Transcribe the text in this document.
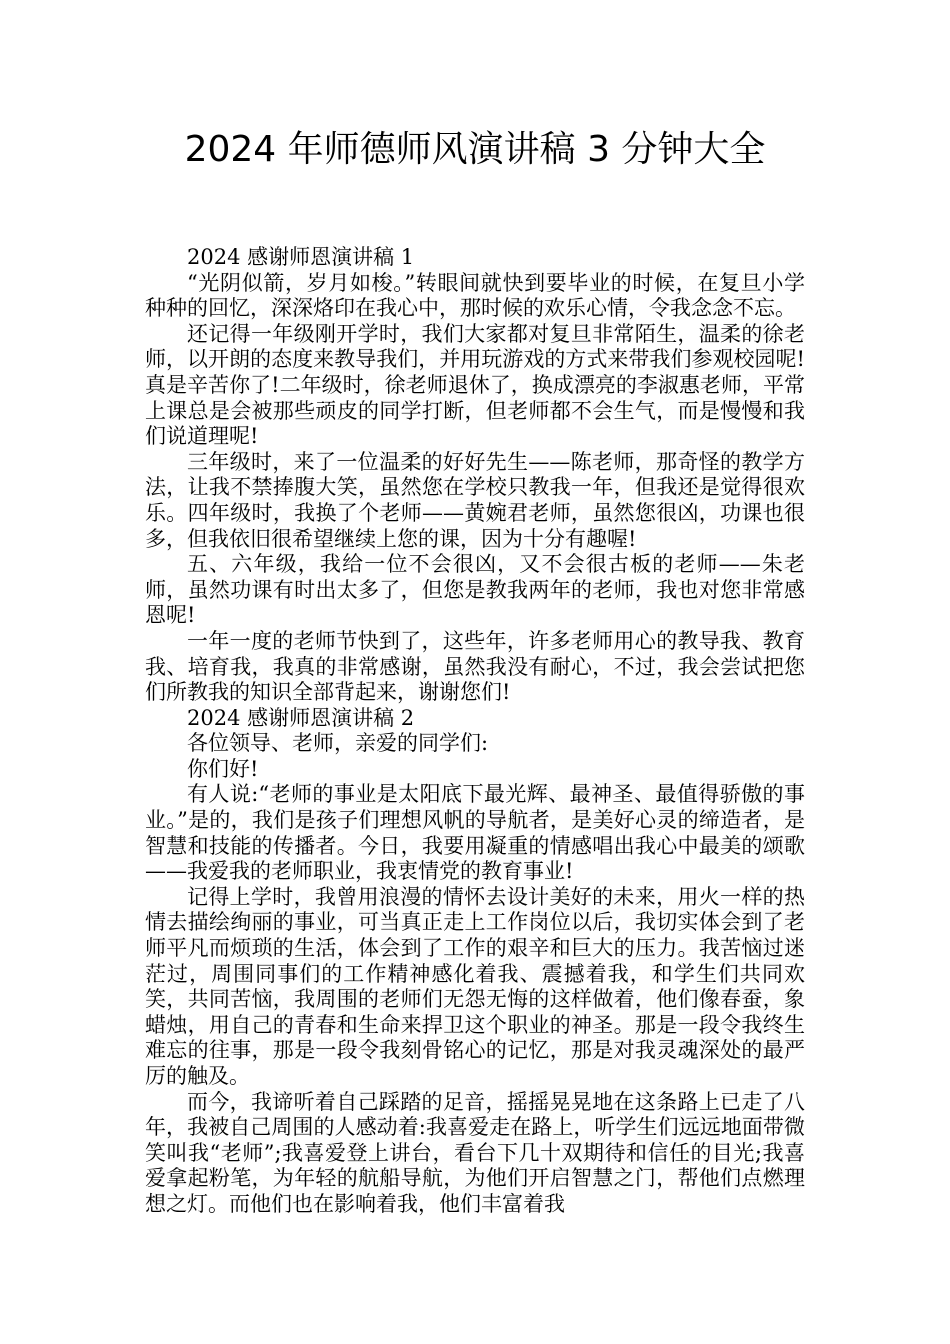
2024 年师德师风演讲稿 3 分钟大全

2024 感谢师恩演讲稿 1

“光阴似箭，岁月如梭。”转眼间就快到要毕业的时候，在复旦小学种种的回忆，深深烙印在我心中，那时候的欢乐心情，令我念念不忘。

还记得一年级刚开学时，我们大家都对复旦非常陌生，温柔的徐老师，以开朗的态度来教导我们，并用玩游戏的方式来带我们参观校园呢!真是辛苦你了!二年级时，徐老师退休了，换成漂亮的李淑惠老师，平常上课总是会被那些顽皮的同学打断，但老师都不会生气，而是慢慢和我们说道理呢!

三年级时，来了一位温柔的好好先生——陈老师，那奇怪的教学方法，让我不禁捧腹大笑，虽然您在学校只教我一年，但我还是觉得很欢乐。四年级时，我换了个老师——黄婉君老师，虽然您很凶，功课也很多，但我依旧很希望继续上您的课，因为十分有趣喔!

五、六年级，我给一位不会很凶，又不会很古板的老师——朱老师，虽然功课有时出太多了，但您是教我两年的老师，我也对您非常感恩呢!

一年一度的老师节快到了，这些年，许多老师用心的教导我、教育我、培育我，我真的非常感谢，虽然我没有耐心，不过，我会尝试把您们所教我的知识全部背起来，谢谢您们!

2024 感谢师恩演讲稿 2

各位领导、老师，亲爱的同学们:

你们好!

有人说:“老师的事业是太阳底下最光辉、最神圣、最值得骄傲的事业。”是的，我们是孩子们理想风帆的导航者，是美好心灵的缔造者，是智慧和技能的传播者。今日，我要用凝重的情感唱出我心中最美的颂歌——我爱我的老师职业，我衷情党的教育事业!

记得上学时，我曾用浪漫的情怀去设计美好的未来，用火一样的热情去描绘绚丽的事业，可当真正走上工作岗位以后，我切实体会到了老师平凡而烦琐的生活，体会到了工作的艰辛和巨大的压力。我苦恼过迷茫过，周围同事们的工作精神感化着我、震撼着我，和学生们共同欢笑，共同苦恼，我周围的老师们无怨无悔的这样做着，他们像春蚕，象蜡烛，用自己的青春和生命来捍卫这个职业的神圣。那是一段令我终生难忘的往事，那是一段令我刻骨铭心的记忆，那是对我灵魂深处的最严厉的触及。

而今，我谛听着自己踩踏的足音，摇摇晃晃地在这条路上已走了八年，我被自己周围的人感动着:我喜爱走在路上，听学生们远远地面带微笑叫我“老师”;我喜爱登上讲台，看台下几十双期待和信任的目光;我喜爱拿起粉笔，为年轻的航船导航，为他们开启智慧之门，帮他们点燃理想之灯。而他们也在影响着我，他们丰富着我
